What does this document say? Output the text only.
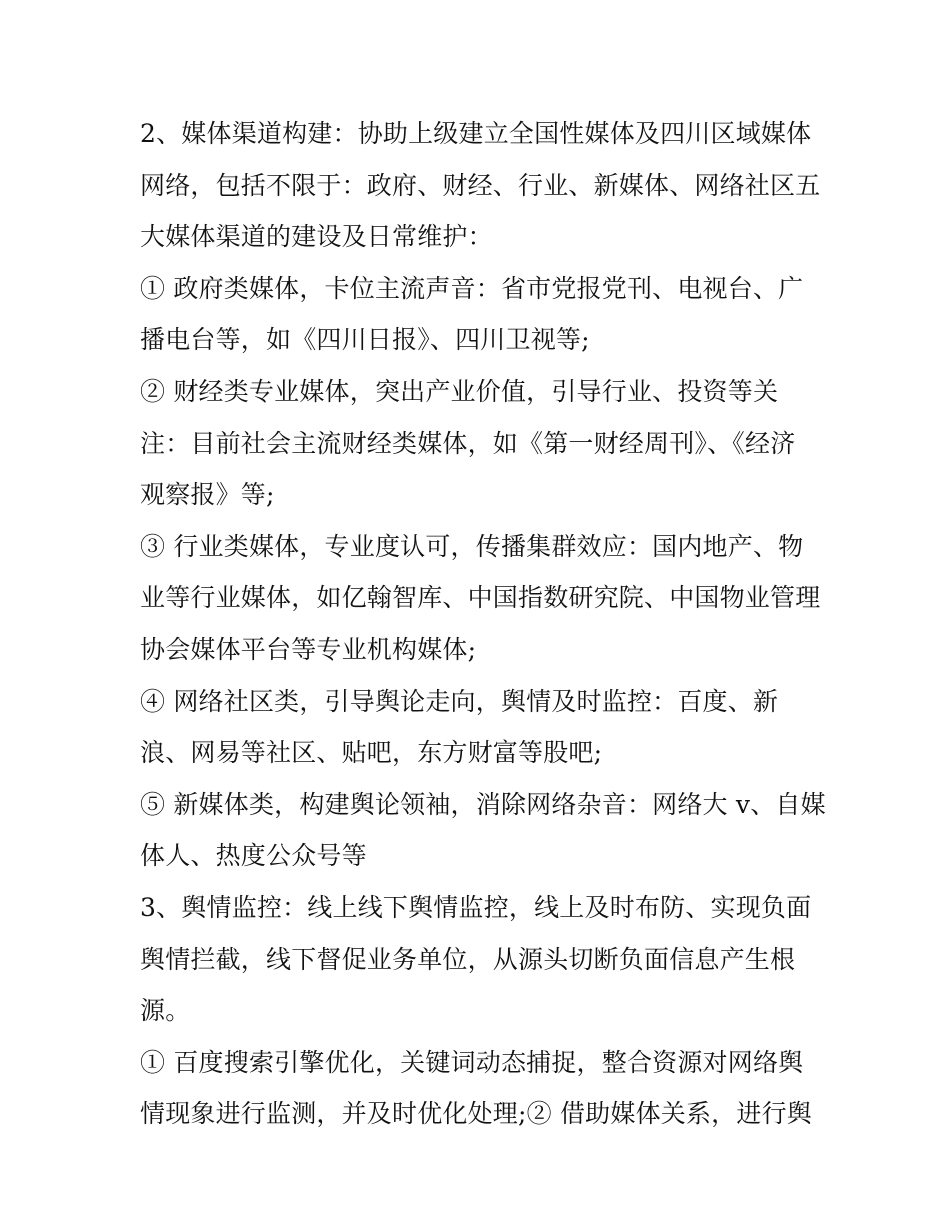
2、媒体渠道构建：协助上级建立全国性媒体及四川区域媒体
网络，包括不限于：政府、财经、行业、新媒体、网络社区五
大媒体渠道的建设及日常维护：
① 政府类媒体，卡位主流声音：省市党报党刊、电视台、广
播电台等，如《四川日报》、四川卫视等;
② 财经类专业媒体，突出产业价值，引导行业、投资等关
注：目前社会主流财经类媒体，如《第一财经周刊》、《经济
观察报》等;
③ 行业类媒体，专业度认可，传播集群效应：国内地产、物
业等行业媒体，如亿翰智库、中国指数研究院、中国物业管理
协会媒体平台等专业机构媒体;
④ 网络社区类，引导舆论走向，舆情及时监控：百度、新
浪、网易等社区、贴吧，东方财富等股吧;
⑤ 新媒体类，构建舆论领袖，消除网络杂音：网络大 v、自媒
体人、热度公众号等
3、舆情监控：线上线下舆情监控，线上及时布防、实现负面
舆情拦截，线下督促业务单位，从源头切断负面信息产生根
源。
① 百度搜索引擎优化，关键词动态捕捉，整合资源对网络舆
情现象进行监测，并及时优化处理;② 借助媒体关系，进行舆
